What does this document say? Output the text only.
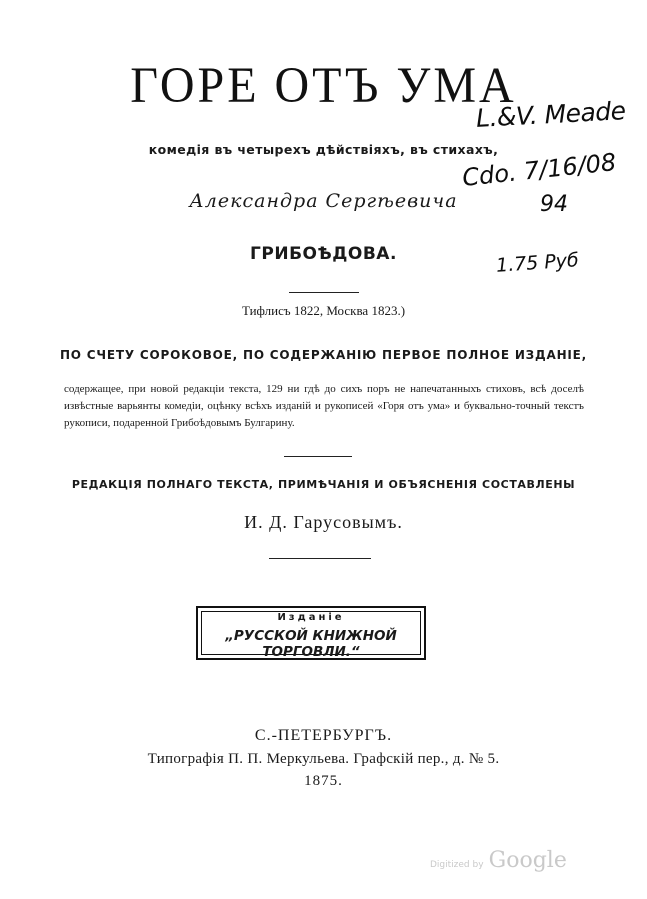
ГОРЕ ОТЪ УМА
комедія въ четырехъ дѣйствіяхъ, въ стихахъ,
Александра Сергѣевича
ГРИБОѢДОВА.
Тифлисъ 1822, Москва 1823.)
ПО СЧЕТУ СОРОКОВОЕ, ПО СОДЕРЖАНІЮ ПЕРВОЕ ПОЛНОЕ ИЗДАНІЕ,
содержащее, при новой редакціи текста, 129 ни гдѣ до сихъ поръ не напечатанныхъ стиховъ, всѣ доселѣ извѣстные варьянты комедіи, оцѣнку всѣхъ изданій и рукописей «Горя отъ ума» и буквально-точный текстъ рукописи, подаренной Грибоѣдовымъ Булгарину.
РЕДАКЦІЯ ПОЛНАГО ТЕКСТА, ПРИМѢЧАНІЯ И ОБЪЯСНЕНІЯ СОСТАВЛЕНЫ
И. Д. Гарусовымъ.
Изданіе
„РУССКОЙ КНИЖНОЙ ТОРГОВЛИ.“
С.-ПЕТЕРБУРГЪ.
Типографія П. П. Меркульева. Графскій пер., д. № 5.
1875.
L.&V. Meade
Cdo. 7/16/08
94
1.75 Руб
Digitized by Google
